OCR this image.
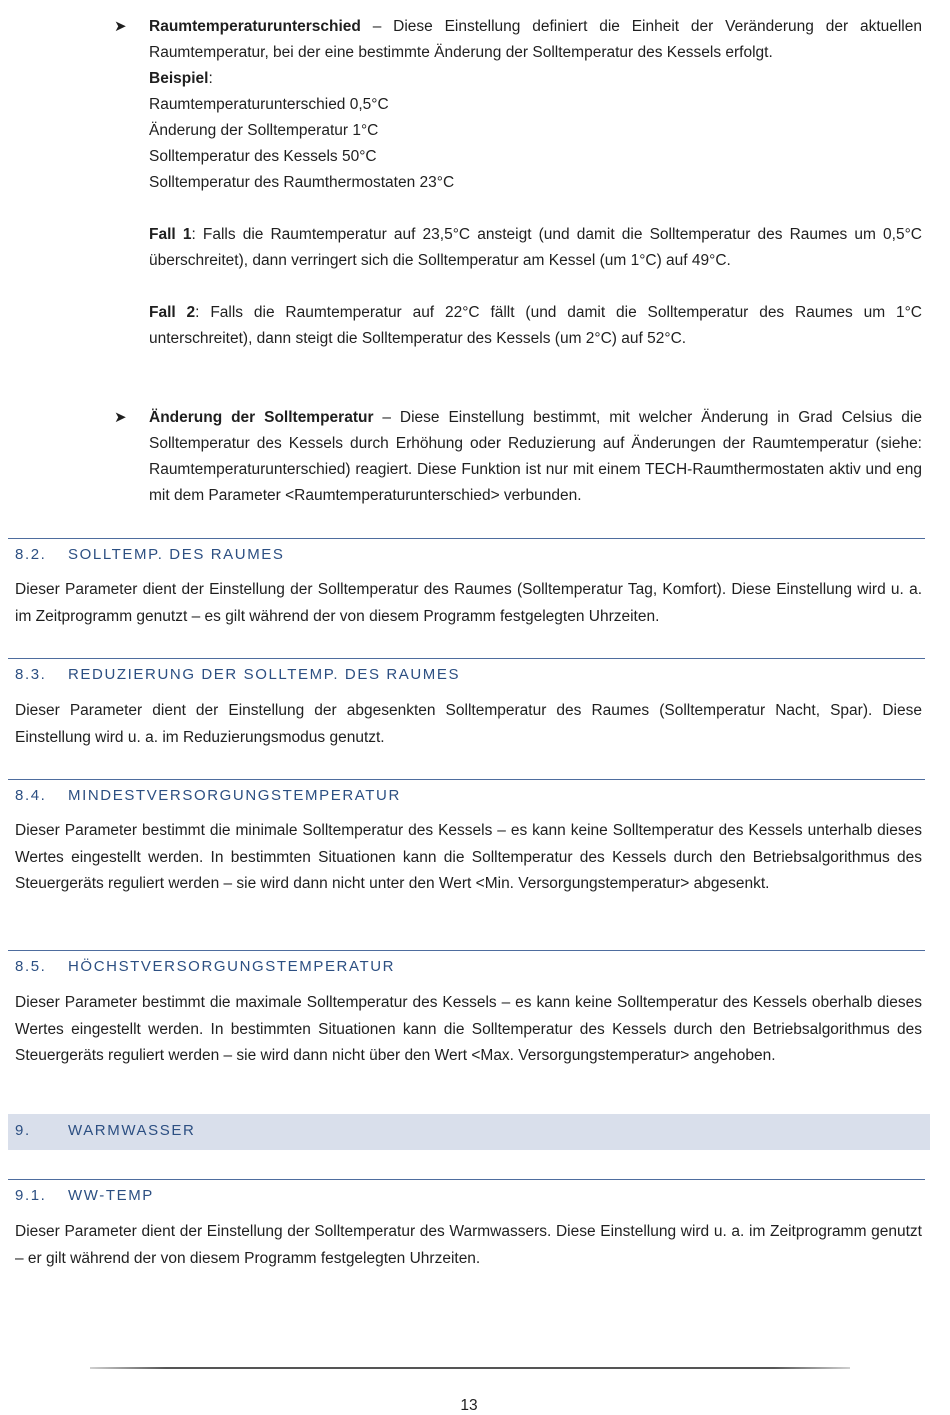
➤ Raumtemperaturunterschied – Diese Einstellung definiert die Einheit der Veränderung der aktuellen Raumtemperatur, bei der eine bestimmte Änderung der Solltemperatur des Kessels erfolgt.

Beispiel:
Raumtemperaturunterschied 0,5°C
Änderung der Solltemperatur 1°C
Solltemperatur des Kessels 50°C
Solltemperatur des Raumthermostaten 23°C

Fall 1: Falls die Raumtemperatur auf 23,5°C ansteigt (und damit die Solltemperatur des Raumes um 0,5°C überschreitet), dann verringert sich die Solltemperatur am Kessel (um 1°C) auf 49°C.

Fall 2: Falls die Raumtemperatur auf 22°C fällt (und damit die Solltemperatur des Raumes um 1°C unterschreitet), dann steigt die Solltemperatur des Kessels (um 2°C) auf 52°C.

➤ Änderung der Solltemperatur – Diese Einstellung bestimmt, mit welcher Änderung in Grad Celsius die Solltemperatur des Kessels durch Erhöhung oder Reduzierung auf Änderungen der Raumtemperatur (siehe: Raumtemperaturunterschied) reagiert. Diese Funktion ist nur mit einem TECH-Raumthermostaten aktiv und eng mit dem Parameter <Raumtemperaturunterschied> verbunden.

8.2. SOLLTEMP. DES RAUMES

Dieser Parameter dient der Einstellung der Solltemperatur des Raumes (Solltemperatur Tag, Komfort). Diese Einstellung wird u. a. im Zeitprogramm genutzt – es gilt während der von diesem Programm festgelegten Uhrzeiten.

8.3. REDUZIERUNG DER SOLLTEMP. DES RAUMES

Dieser Parameter dient der Einstellung der abgesenkten Solltemperatur des Raumes (Solltemperatur Nacht, Spar). Diese Einstellung wird u. a. im Reduzierungsmodus genutzt.

8.4. MINDESTVERSORGUNGSTEMPERATUR

Dieser Parameter bestimmt die minimale Solltemperatur des Kessels – es kann keine Solltemperatur des Kessels unterhalb dieses Wertes eingestellt werden. In bestimmten Situationen kann die Solltemperatur des Kessels durch den Betriebsalgorithmus des Steuergeräts reguliert werden – sie wird dann nicht unter den Wert <Min. Versorgungstemperatur> abgesenkt.

8.5. HÖCHSTVERSORGUNGSTEMPERATUR

Dieser Parameter bestimmt die maximale Solltemperatur des Kessels – es kann keine Solltemperatur des Kessels oberhalb dieses Wertes eingestellt werden. In bestimmten Situationen kann die Solltemperatur des Kessels durch den Betriebsalgorithmus des Steuergeräts reguliert werden – sie wird dann nicht über den Wert <Max. Versorgungstemperatur> angehoben.

9. WARMWASSER
9.1. WW-TEMP

Dieser Parameter dient der Einstellung der Solltemperatur des Warmwassers. Diese Einstellung wird u. a. im Zeitprogramm genutzt – er gilt während der von diesem Programm festgelegten Uhrzeiten.

13
